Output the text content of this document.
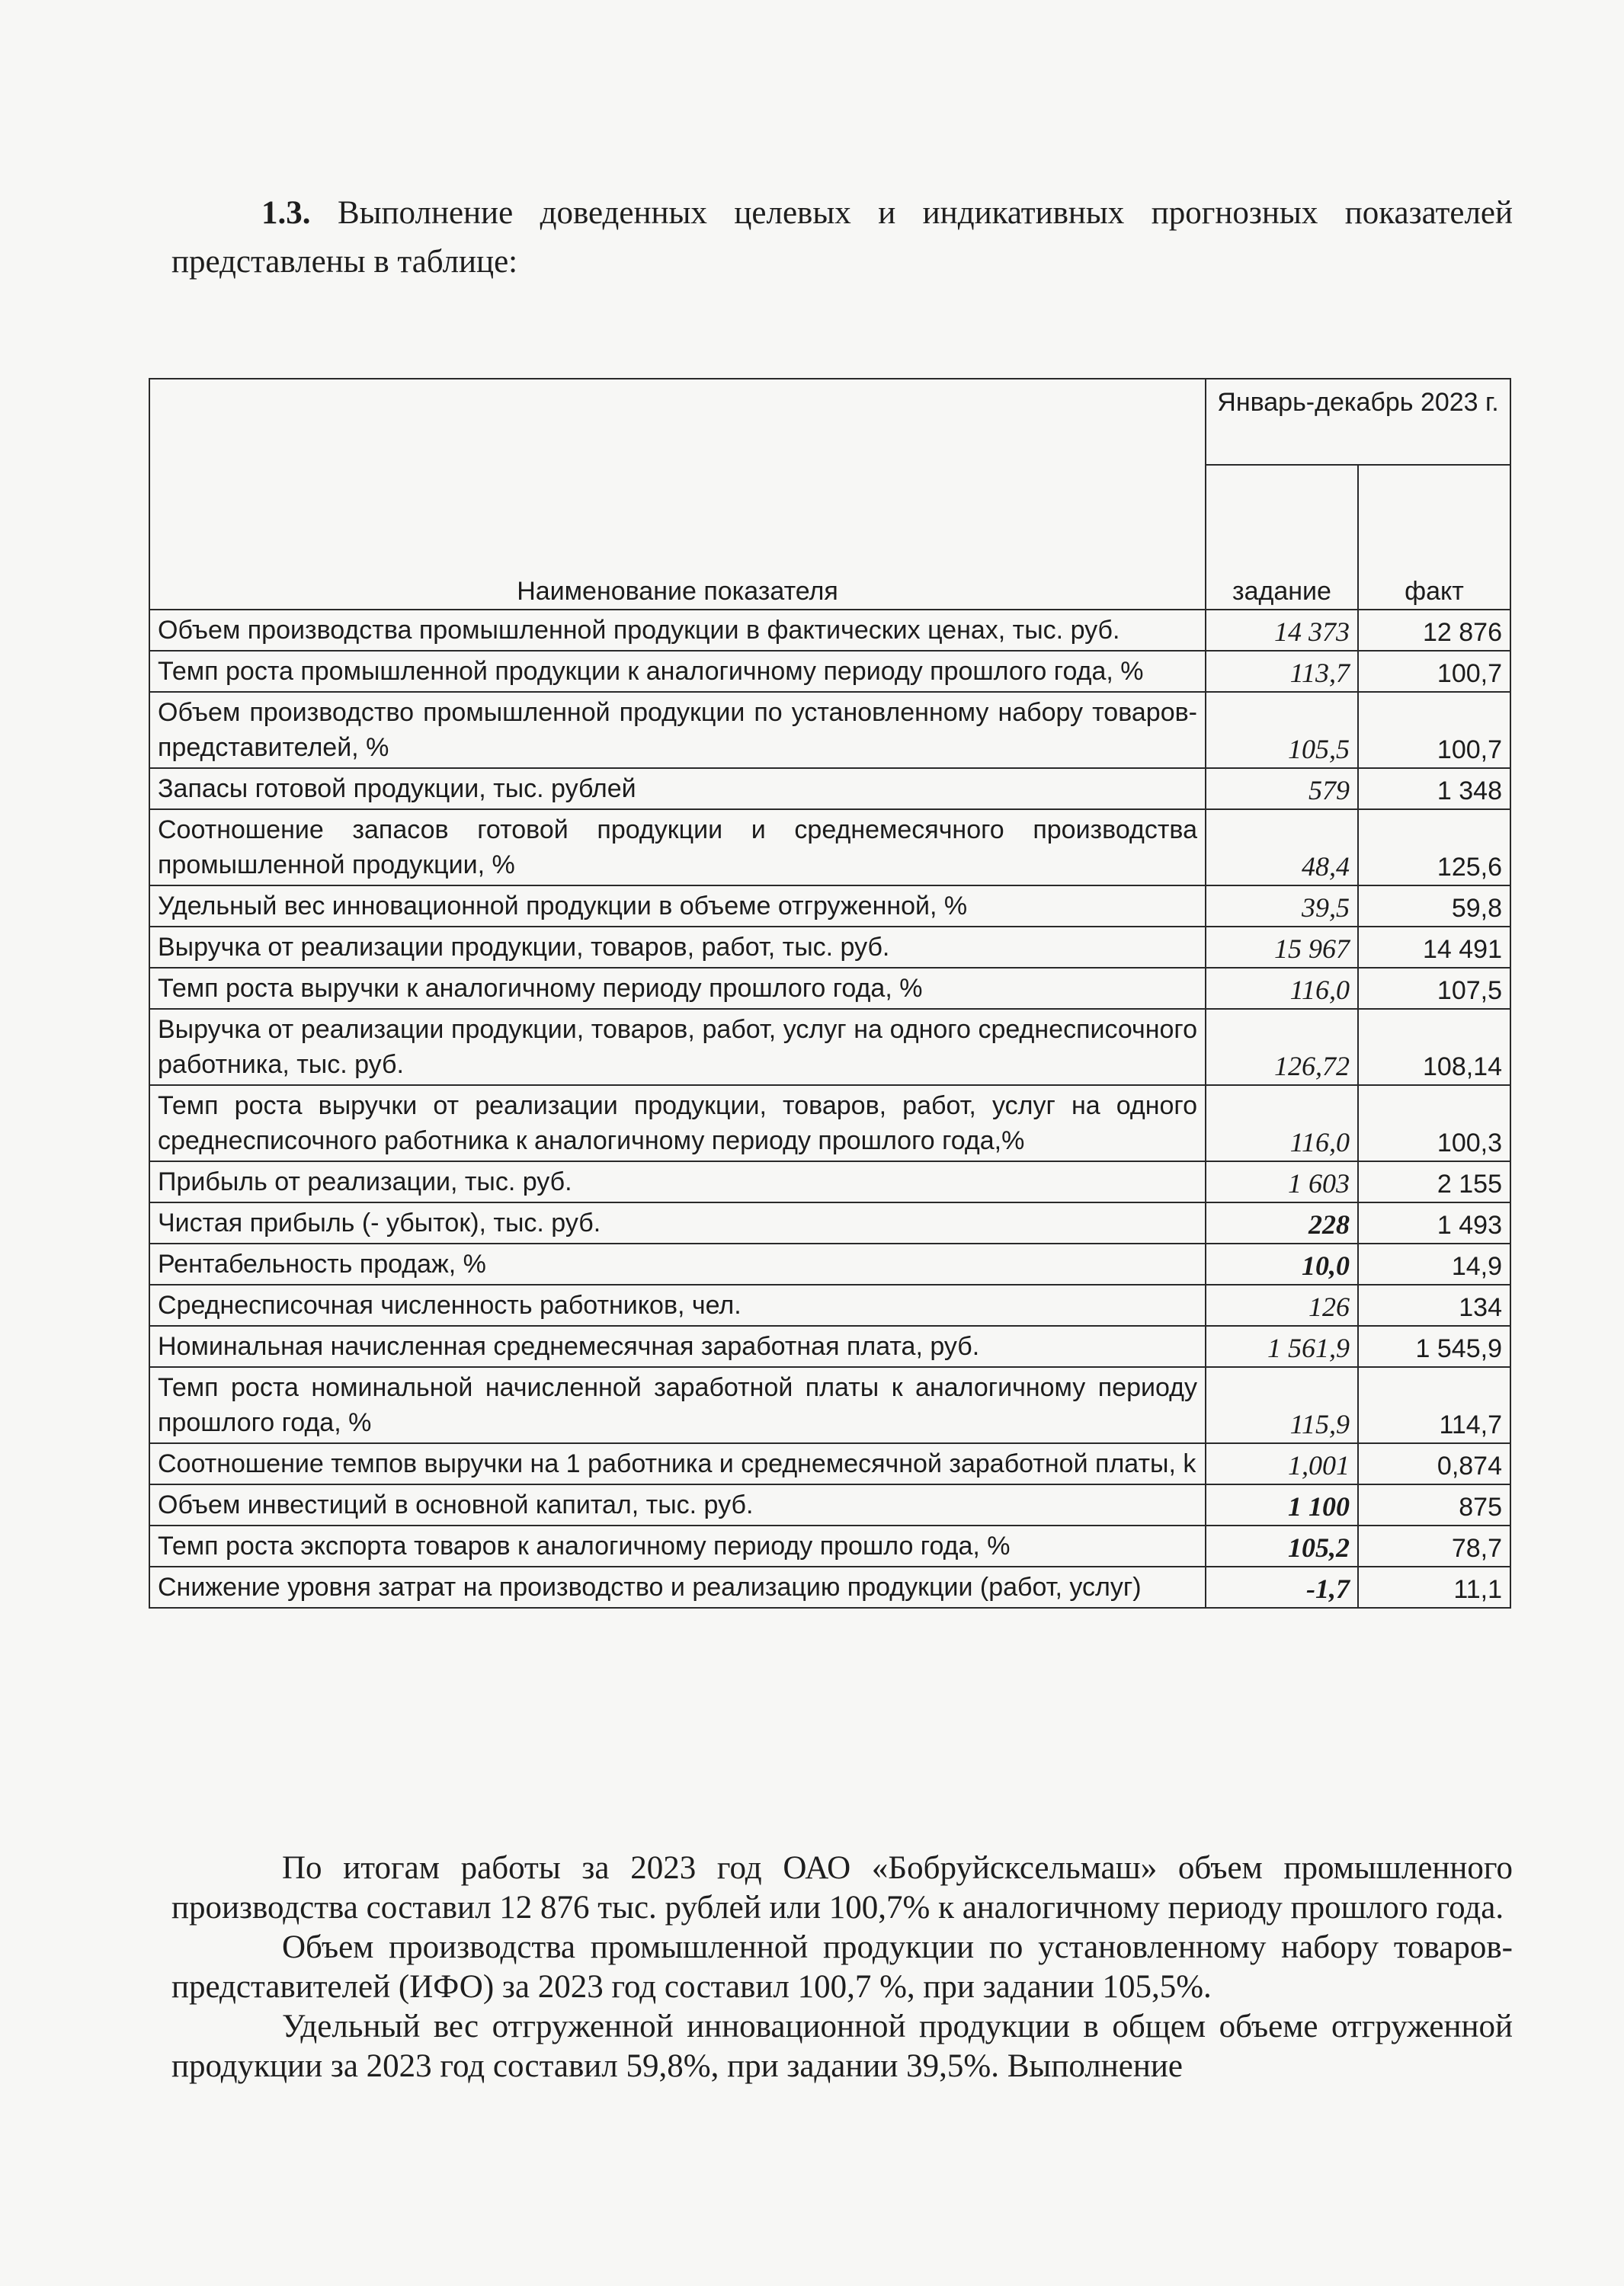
1.3. Выполнение доведенных целевых и индикативных прогнозных показателей
представлены в таблице:
Наименование показателя	Январь-декабрь 2023 г.	
	задание	факт
Объем производства промышленной продукции в фактических ценах, тыс. руб.	14 373	12 876
Темп роста промышленной продукции к аналогичному периоду прошлого года, %	113,7	100,7
Объем производство промышленной продукции по установленному набору товаров-представителей, %	105,5	100,7
Запасы готовой продукции, тыс. рублей	579	1 348
Соотношение запасов готовой продукции и среднемесячного производства промышленной продукции, %	48,4	125,6
Удельный вес инновационной продукции в объеме отгруженной, %	39,5	59,8
Выручка от реализации продукции, товаров, работ, тыс. руб.	15 967	14 491
Темп роста выручки к аналогичному периоду прошлого года, %	116,0	107,5
Выручка от реализации продукции, товаров, работ, услуг на одного среднесписочного работника, тыс. руб.	126,72	108,14
Темп роста выручки от реализации продукции, товаров, работ, услуг на одного среднесписочного работника к аналогичному периоду прошлого года,%	116,0	100,3
Прибыль от реализации, тыс. руб.	1 603	2 155
Чистая прибыль (- убыток), тыс. руб.	228	1 493
Рентабельность продаж, %	10,0	14,9
Среднесписочная численность работников, чел.	126	134
Номинальная начисленная среднемесячная заработная плата, руб.	1 561,9	1 545,9
Темп роста номинальной начисленной заработной платы к аналогичному периоду прошлого года, %	115,9	114,7
Соотношение темпов выручки на 1 работника и среднемесячной заработной платы, k	1,001	0,874
Объем инвестиций в основной капитал, тыс. руб.	1 100	875
Темп роста экспорта товаров к аналогичному периоду прошло года, %	105,2	78,7
Снижение уровня затрат на производство и реализацию продукции (работ, услуг)	-1,7	11,1

По итогам работы за 2023 год ОАО «Бобруйсксельмаш» объем промышленного производства составил 12 876 тыс. рублей или 100,7% к аналогичному периоду прошлого года.

Объем производства промышленной продукции по установленному набору товаров-представителей (ИФО) за 2023 год составил 100,7 %, при задании 105,5%.

Удельный вес отгруженной инновационной продукции в общем объеме отгруженной продукции за 2023 год составил 59,8%, при задании 39,5%. Выполнение
